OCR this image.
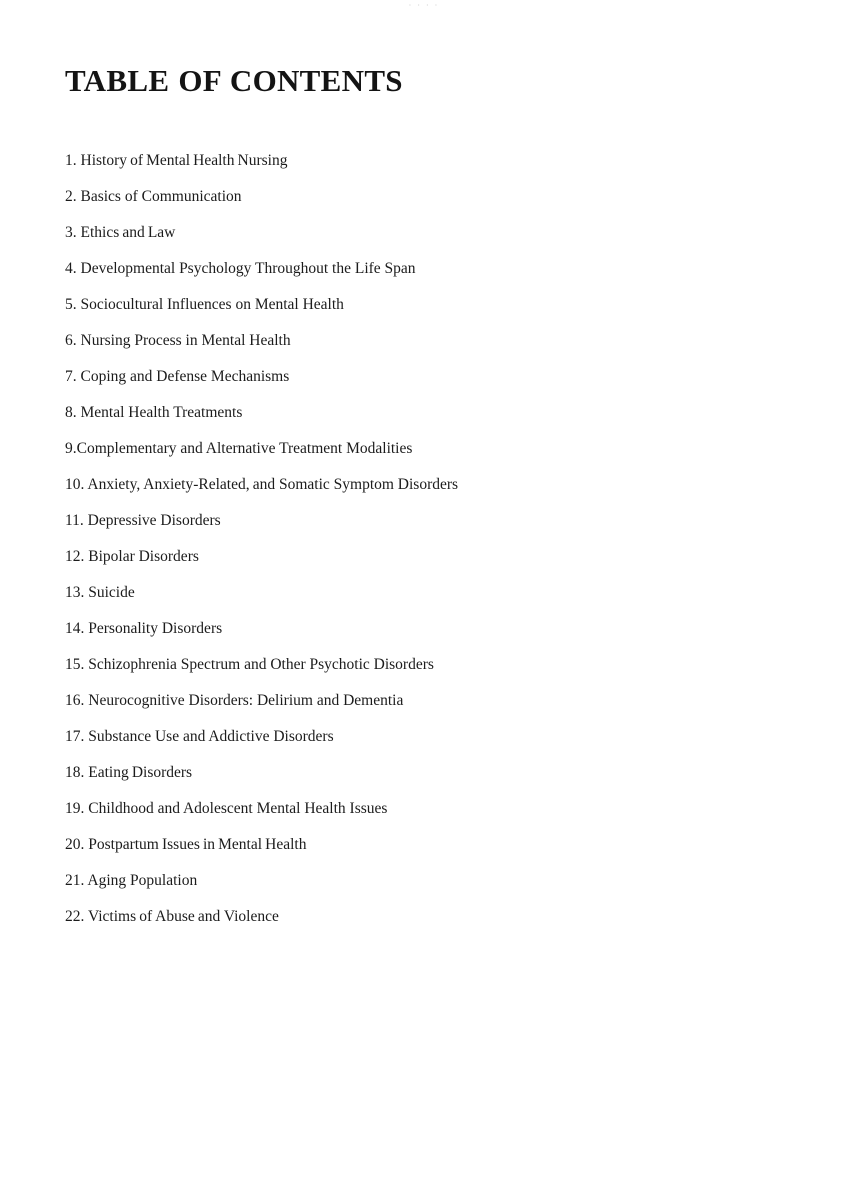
· · · ·
TABLE OF CONTENTS
1. History of Mental Health Nursing
2. Basics of Communication
3. Ethics and Law
4. Developmental Psychology Throughout the Life Span
5. Sociocultural Influences on Mental Health
6. Nursing Process in Mental Health
7. Coping and Defense Mechanisms
8. Mental Health Treatments
9.Complementary and Alternative Treatment Modalities
10. Anxiety, Anxiety-Related, and Somatic Symptom Disorders
11. Depressive Disorders
12. Bipolar Disorders
13. Suicide
14. Personality Disorders
15. Schizophrenia Spectrum and Other Psychotic Disorders
16. Neurocognitive Disorders: Delirium and Dementia
17. Substance Use and Addictive Disorders
18. Eating Disorders
19. Childhood and Adolescent Mental Health Issues
20. Postpartum Issues in Mental Health
21. Aging Population
22. Victims of Abuse and Violence
